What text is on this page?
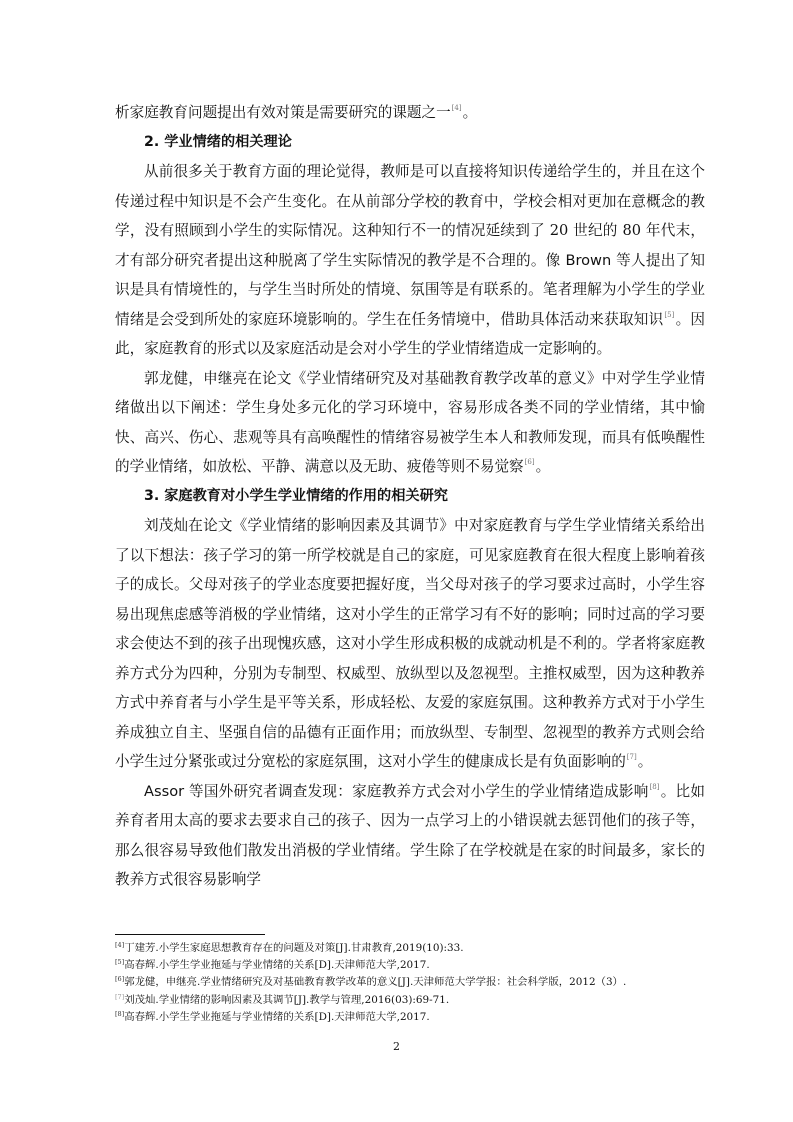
析家庭教育问题提出有效对策是需要研究的课题之一[4]。

2. 学业情绪的相关理论

从前很多关于教育方面的理论觉得，教师是可以直接将知识传递给学生的，并且在这个传递过程中知识是不会产生变化。在从前部分学校的教育中，学校会相对更加在意概念的教学，没有照顾到小学生的实际情况。这种知行不一的情况延续到了 20 世纪的 80 年代末，才有部分研究者提出这种脱离了学生实际情况的教学是不合理的。像 Brown 等人提出了知识是具有情境性的，与学生当时所处的情境、氛围等是有联系的。笔者理解为小学生的学业情绪是会受到所处的家庭环境影响的。学生在任务情境中，借助具体活动来获取知识[5]。因此，家庭教育的形式以及家庭活动是会对小学生的学业情绪造成一定影响的。

郭龙健，申继亮在论文《学业情绪研究及对基础教育教学改革的意义》中对学生学业情绪做出以下阐述：学生身处多元化的学习环境中，容易形成各类不同的学业情绪，其中愉快、高兴、伤心、悲观等具有高唤醒性的情绪容易被学生本人和教师发现，而具有低唤醒性的学业情绪，如放松、平静、满意以及无助、疲倦等则不易觉察[6]。

3. 家庭教育对小学生学业情绪的作用的相关研究

刘茂灿在论文《学业情绪的影响因素及其调节》中对家庭教育与学生学业情绪关系给出了以下想法：孩子学习的第一所学校就是自己的家庭，可见家庭教育在很大程度上影响着孩子的成长。父母对孩子的学业态度要把握好度，当父母对孩子的学习要求过高时，小学生容易出现焦虑感等消极的学业情绪，这对小学生的正常学习有不好的影响；同时过高的学习要求会使达不到的孩子出现愧疚感，这对小学生形成积极的成就动机是不利的。学者将家庭教养方式分为四种，分别为专制型、权威型、放纵型以及忽视型。主推权威型，因为这种教养方式中养育者与小学生是平等关系，形成轻松、友爱的家庭氛围。这种教养方式对于小学生养成独立自主、坚强自信的品德有正面作用；而放纵型、专制型、忽视型的教养方式则会给小学生过分紧张或过分宽松的家庭氛围，这对小学生的健康成长是有负面影响的[7]。

Assor 等国外研究者调查发现：家庭教养方式会对小学生的学业情绪造成影响[8]。比如养育者用太高的要求去要求自己的孩子、因为一点学习上的小错误就去惩罚他们的孩子等，那么很容易导致他们散发出消极的学业情绪。学生除了在学校就是在家的时间最多，家长的教养方式很容易影响学

[4]丁建芳.小学生家庭思想教育存在的问题及对策[J].甘肃教育,2019(10):33.

[5]高春辉.小学生学业拖延与学业情绪的关系[D].天津师范大学,2017.

[6]郭龙健，申继亮.学业情绪研究及对基础教育教学改革的意义[J].天津师范大学学报：社会科学版，2012（3）.

[7]刘茂灿.学业情绪的影响因素及其调节[J].教学与管理,2016(03):69-71.

[8]高春辉.小学生学业拖延与学业情绪的关系[D].天津师范大学,2017.

2
